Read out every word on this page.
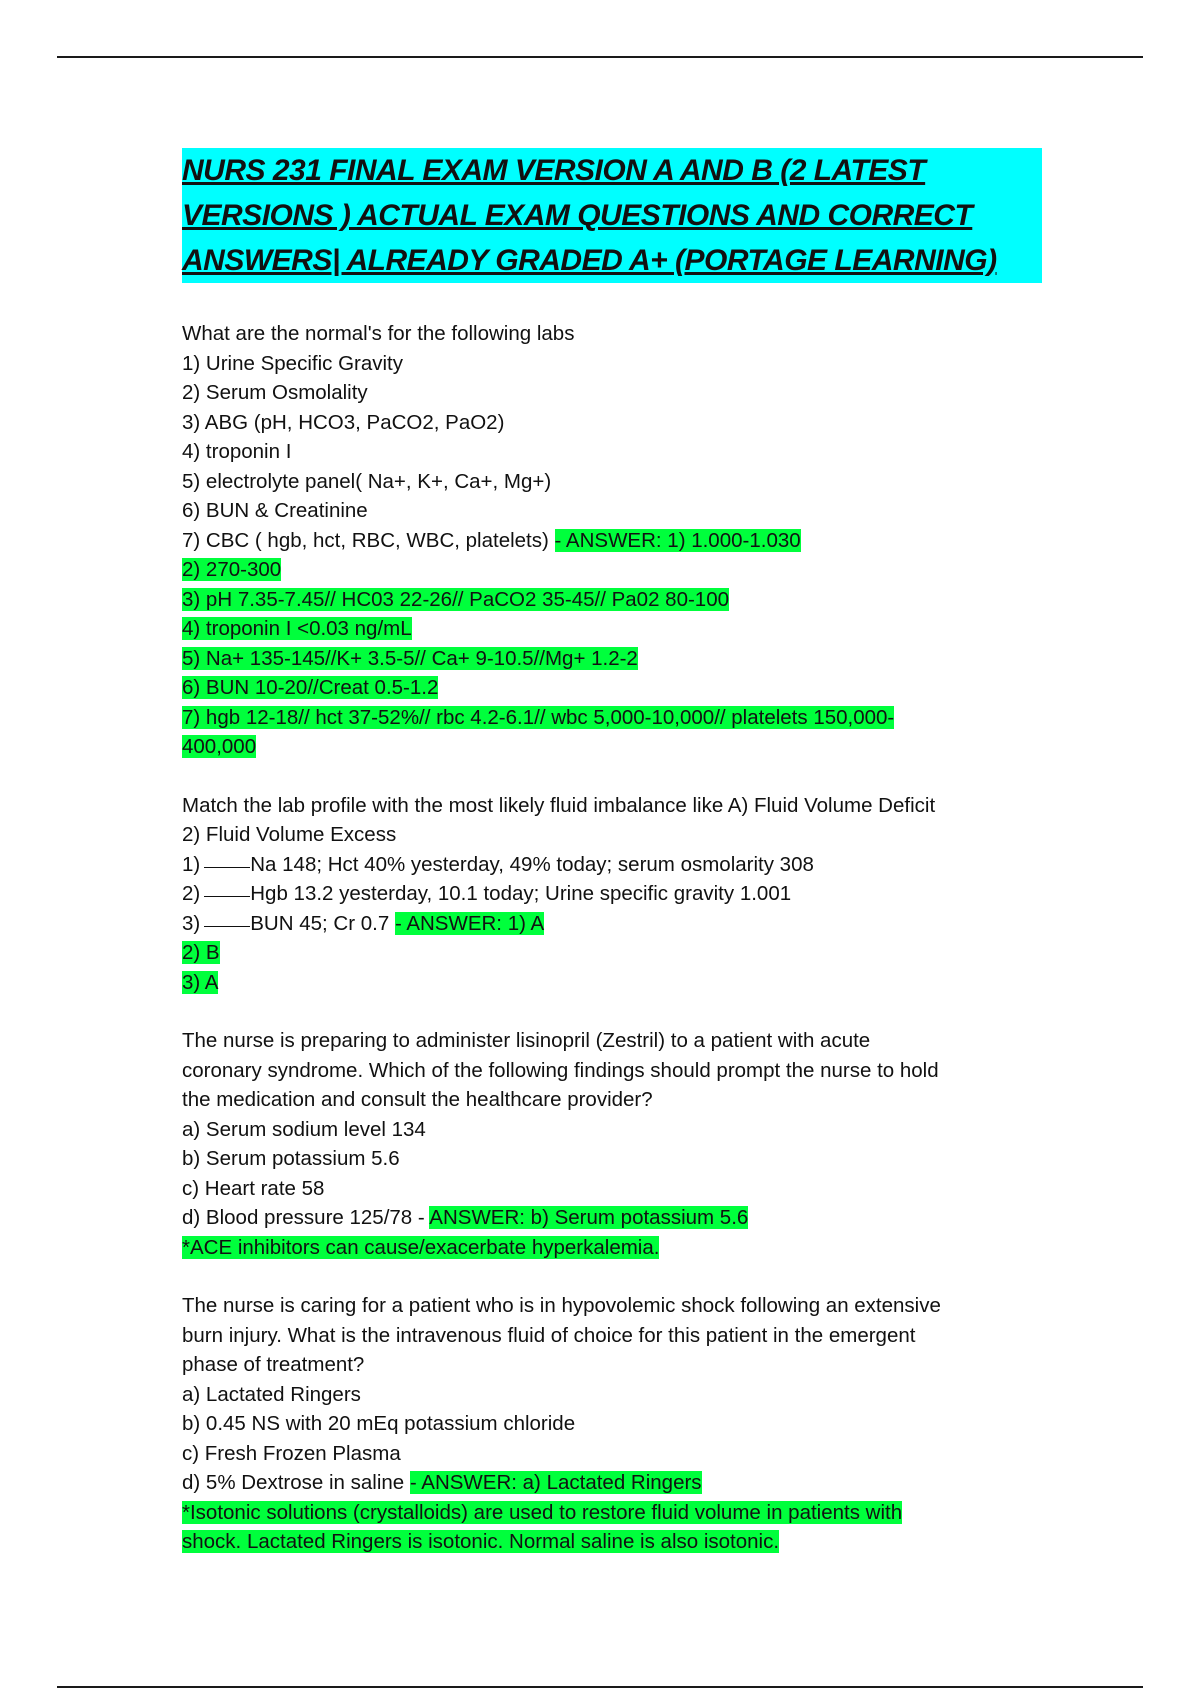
NURS 231 FINAL EXAM VERSION A AND B (2 LATEST
VERSIONS ) ACTUAL EXAM QUESTIONS AND CORRECT
ANSWERS| ALREADY GRADED A+ (PORTAGE LEARNING)
What are the normal's for the following labs
1) Urine Specific Gravity
2) Serum Osmolality
3) ABG (pH, HCO3, PaCO2, PaO2)
4) troponin I
5) electrolyte panel( Na+, K+, Ca+, Mg+)
6) BUN & Creatinine
7) CBC ( hgb, hct, RBC, WBC, platelets) - ANSWER: 1) 1.000-1.030
2) 270-300
3) pH 7.35-7.45// HC03 22-26// PaCO2 35-45// Pa02 80-100
4) troponin I <0.03 ng/mL
5) Na+ 135-145//K+ 3.5-5// Ca+ 9-10.5//Mg+ 1.2-2
6) BUN 10-20//Creat 0.5-1.2
7) hgb 12-18// hct 37-52%// rbc 4.2-6.1// wbc 5,000-10,000// platelets 150,000-
400,000
Match the lab profile with the most likely fluid imbalance like A) Fluid Volume Deficit
2) Fluid Volume Excess
1) Na 148; Hct 40% yesterday, 49% today; serum osmolarity 308
2) Hgb 13.2 yesterday, 10.1 today; Urine specific gravity 1.001
3) BUN 45; Cr 0.7 - ANSWER: 1) A
2) B
3) A
The nurse is preparing to administer lisinopril (Zestril) to a patient with acute
coronary syndrome. Which of the following findings should prompt the nurse to hold
the medication and consult the healthcare provider?
a) Serum sodium level 134
b) Serum potassium 5.6
c) Heart rate 58
d) Blood pressure 125/78 - ANSWER: b) Serum potassium 5.6
*ACE inhibitors can cause/exacerbate hyperkalemia.
The nurse is caring for a patient who is in hypovolemic shock following an extensive
burn injury. What is the intravenous fluid of choice for this patient in the emergent
phase of treatment?
a) Lactated Ringers
b) 0.45 NS with 20 mEq potassium chloride
c) Fresh Frozen Plasma
d) 5% Dextrose in saline - ANSWER: a) Lactated Ringers
*Isotonic solutions (crystalloids) are used to restore fluid volume in patients with
shock. Lactated Ringers is isotonic. Normal saline is also isotonic.
